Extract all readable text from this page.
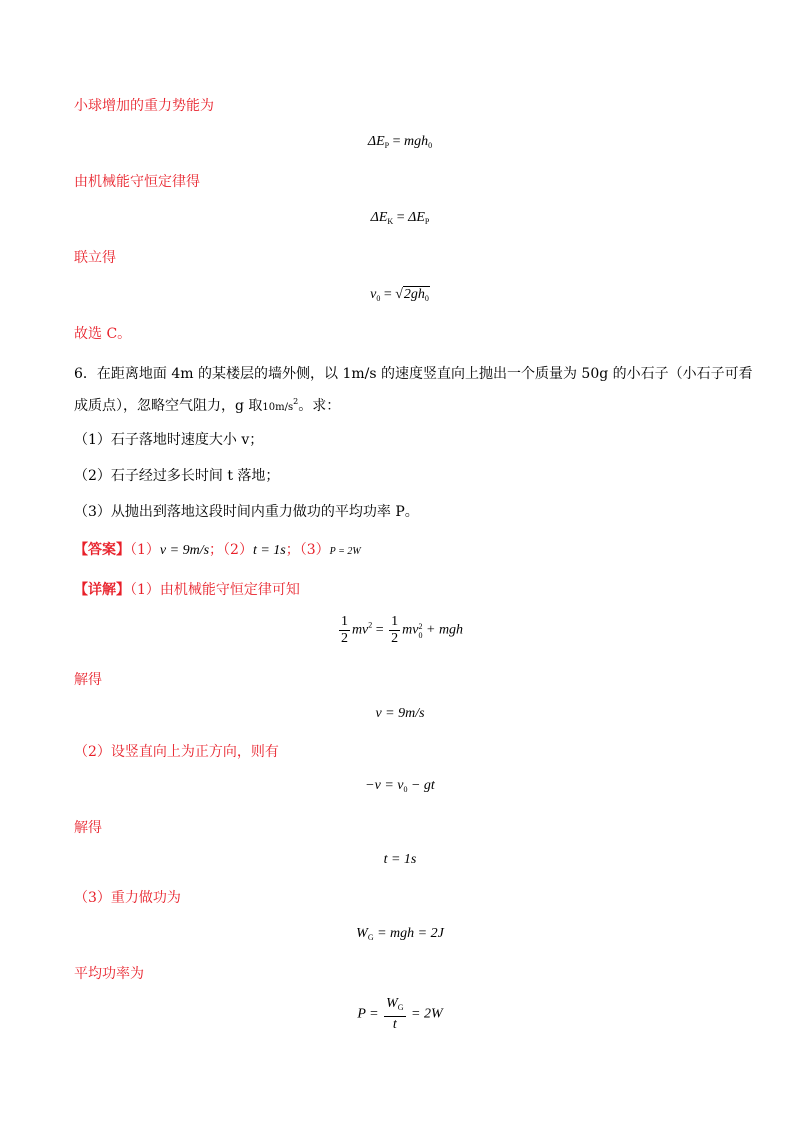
小球增加的重力势能为
$\Delta E_P = mgh_0$
由机械能守恒定律得
$\Delta E_K = \Delta E_P$
联立得
$v_0 = √2gh_0$
故选 C。
6．在距离地面 4m 的某楼层的墙外侧，以 1m/s 的速度竖直向上抛出一个质量为 50g 的小石子（小石子可看
成质点），忽略空气阻力，g 取$10m/s^2$。求：
（1）石子落地时速度大小 v；
（2）石子经过多长时间 t 落地；
（3）从抛出到落地这段时间内重力做功的平均功率 P。
【答案】（1）v = 9m/s；（2）t = 1s；（3）P = 2W
【详解】（1）由机械能守恒定律可知
$\frac{1}{2} mv^2 = \frac{1}{2}$ mv 2
0 + mgh
解得
v = 9m/s
（2）设竖直向上为正方向，则有
$-v = v_0$ − gt
解得
t = 1s
（3）重力做功为
$W_G$ = mgh = 2J
平均功率为
$P = \frac{W_G}{t} = 2W$
